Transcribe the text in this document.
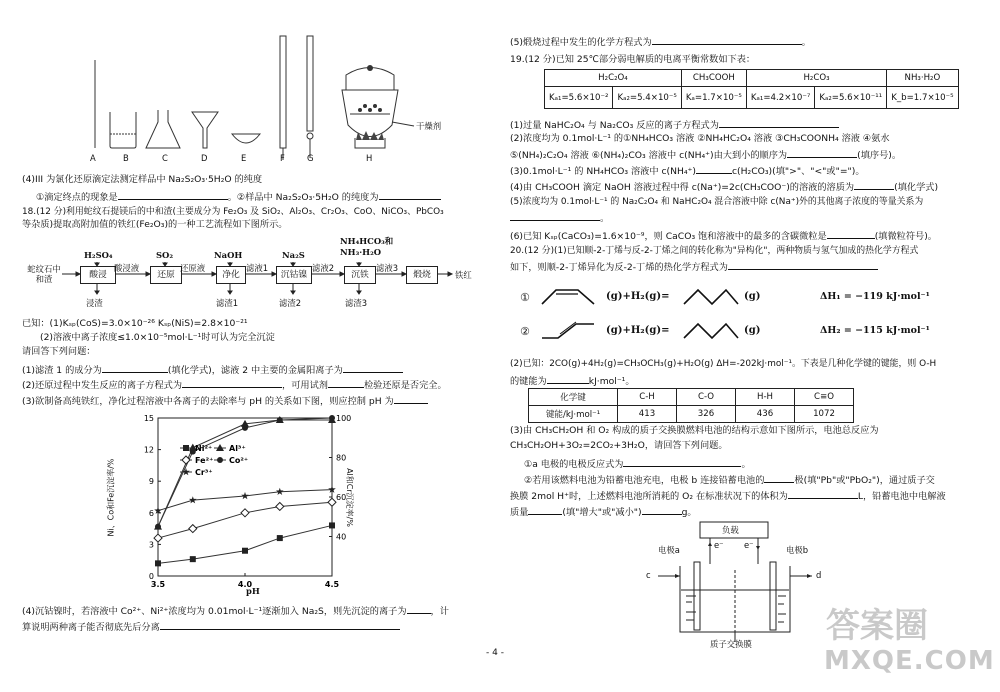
A	B	C	D	E	F	G	H
干燥剂
(4)III 为氯化还原滴定法测定样品中 Na₂S₂O₃·5H₂O 的纯度
①滴定终点的现象是	。②样品中 Na₂S₂O₃·5H₂O 的纯度为
18.(12 分)利用蛇纹石提镁后的中和渣(主要成分为 Fe₂O₃ 及 SiO₂、Al₂O₃、Cr₂O₃、CoO、NiCO₃、PbCO₃
等杂质)提取高附加值的铁红(Fe₂O₃)的一种工艺流程如下图所示。
蛇纹石中和渣	酸浸	还原	净化	沉钴镍	沉铁	煅烧	铁红
H₂SO₄	SO₂	NaOH	Na₂S
NH₄HCO₃和NH₃·H₂O
酸浸液	还原液	滤液1	滤液2	滤液3
浸渣	滤渣1	滤渣2	滤渣3
已知：(1)Kₛₚ(CoS)=3.0×10⁻²⁶ Kₛₚ(NiS)=2.8×10⁻²¹
(2)溶液中离子浓度≤1.0×10⁻⁵mol·L⁻¹时可认为完全沉淀
请回答下列问题：
(1)滤渣 1 的成分为	(填化学式)，滤液 2 中主要的金属阳离子为
(2)还原过程中发生反应的离子方程式为	，可用试剂	检验还原是否完全。
(3)欲制备高纯铁红，净化过程溶液中各离子的去除率与 pH 的关系如下图，则应控制 pH 为
3.5	4.0	4.5
0
3
6
9
12
15
40
60
80
100
Ni²⁺ Al³⁺
Fe²⁺ Co²⁺
Cr³⁺
Ni、Co和Fe沉淀率/%	Al和Cr沉淀率/%
pH
(4)沉钴镍时，若溶液中 Co²⁺、Ni²⁺浓度均为 0.01mol·L⁻¹逐渐加入 Na₂S，则先沉淀的离子为	，计
算说明两种离子能否彻底先后分离
(5)煅烧过程中发生的化学方程式为	。
19.(12 分)已知 25℃部分弱电解质的电离平衡常数如下表：
H₂C₂O₄		CH₃COOH	H₂CO₃		NH₃·H₂O
Kₐ₁=5.6×10⁻²	Kₐ₂=5.4×10⁻⁵	Kₐ=1.7×10⁻⁵	Kₐ₁=4.2×10⁻⁷	Kₐ₂=5.6×10⁻¹¹	K_b=1.7×10⁻⁵
(1)过量 NaHC₂O₄ 与 Na₂CO₃ 反应的离子方程式为
(2)浓度均为 0.1mol·L⁻¹ 的①NH₄HCO₃ 溶液 ②NH₄HC₂O₄ 溶液 ③CH₃COONH₄ 溶液 ④氨水
⑤(NH₄)₂C₂O₄ 溶液 ⑥(NH₄)₂CO₃ 溶液中 c(NH₄⁺)由大到小的顺序为	(填序号)。
(3)0.1mol·L⁻¹ 的 NH₄HCO₃ 溶液中 c(NH₄⁺)	c(H₂CO₃)(填">"、"<"或"=")。
(4)由 CH₃COOH 滴定 NaOH 溶液过程中得 c(Na⁺)=2c(CH₃COO⁻)的溶液的溶质为	(填化学式)
(5)浓度均为 0.1mol·L⁻¹ 的 Na₂C₂O₄ 和 NaHC₂O₄ 混合溶液中除 c(Na⁺)外的其他离子浓度的等量关系为
。
(6)已知 Kₛₚ(CaCO₃)=1.6×10⁻⁹，则 CaCO₃ 饱和溶液中的最多的含碳微粒是	(填微粒符号)。
20.(12 分)(1)已知顺-2-丁烯与反-2-丁烯之间的转化称为"异构化"，两种物质与氢气加成的热化学方程式
如下，则顺-2-丁烯异化为反-2-丁烯的热化学方程式为
①	(g)+H₂(g)=	(g)	ΔH₁ = −119 kJ·mol⁻¹
②	(g)+H₂(g)=	(g)	ΔH₂ = −115 kJ·mol⁻¹
(2)已知：2CO(g)+4H₂(g)=CH₃OCH₃(g)+H₂O(g) ΔH=-202kJ·mol⁻¹。下表是几种化学键的键能，则 O-H
的键能为	kJ·mol⁻¹。
化学键	C-H	C-O	H-H	C≡O
键能/kJ·mol⁻¹	413	326	436	1072
(3)由 CH₃CH₂OH 和 O₂ 构成的质子交换膜燃料电池的结构示意如下图所示，电池总反应为
CH₃CH₂OH+3O₂=2CO₂+3H₂O，请回答下列问题。
①a 电极的电极反应式为	。
②若用该燃料电池为铅蓄电池充电，电极 b 连接铅蓄电池的	极(填"Pb"或"PbO₂")，通过质子交
换膜 2mol H⁺时，上述燃料电池所消耗的 O₂ 在标准状况下的体积为	L，铅蓄电池中电解液
质量	(填"增大"或"减小")	g。
负载
电极a	电极b
c	d
e⁻ e⁻
质子交换膜
- 4 -
答案圈
MXQE.COM
